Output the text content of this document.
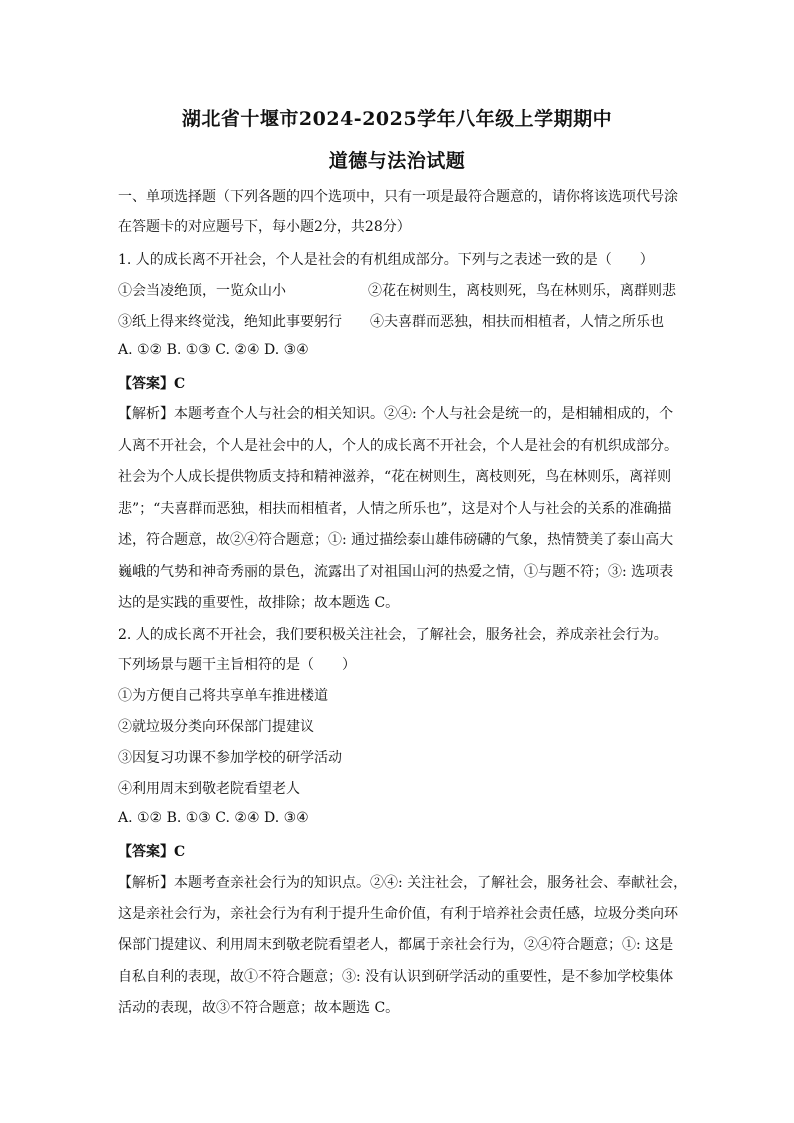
湖北省十堰市2024-2025学年八年级上学期期中
道德与法治试题
一、单项选择题（下列各题的四个选项中，只有一项是最符合题意的，请你将该选项代号涂
在答题卡的对应题号下，每小题2分，共28分）
1. 人的成长离不开社会，个人是社会的有机组成部分。下列与之表述一致的是（　　）
①会当凌绝顶，一览众山小	②花在树则生，离枝则死，鸟在林则乐，离群则悲
③纸上得来终觉浅，绝知此事要躬行 ④夫喜群而恶独，相扶而相植者，人情之所乐也
A. ①② B. ①③ C. ②④ D. ③④
【答案】C
【解析】本题考查个人与社会的相关知识。②④: 个人与社会是统一的，是相辅相成的，个
人离不开社会，个人是社会中的人，个人的成长离不开社会，个人是社会的有机织成部分。
社会为个人成长提供物质支持和精神滋养，“花在树则生，离枝则死，鸟在林则乐，离祥则
悲”；“夫喜群而恶独，相扶而相植者，人情之所乐也”，这是对个人与社会的关系的准确描
述，符合题意，故②④符合题意；①: 通过描绘泰山雄伟磅礴的气象，热情赞美了泰山高大
巍峨的气势和神奇秀丽的景色，流露出了对祖国山河的热爱之情，①与题不符；③: 选项表
达的是实践的重要性，故排除；故本题选 C。
2. 人的成长离不开社会，我们要积极关注社会，了解社会，服务社会，养成亲社会行为。
下列场景与题干主旨相符的是（　　）
①为方便自己将共享单车推进楼道
②就垃圾分类向环保部门提建议
③因复习功课不参加学校的研学活动
④利用周末到敬老院看望老人
A. ①② B. ①③ C. ②④ D. ③④
【答案】C
【解析】本题考查亲社会行为的知识点。②④: 关注社会，了解社会，服务社会、奉献社会，
这是亲社会行为，亲社会行为有利于提升生命价值，有利于培养社会责任感，垃圾分类向环
保部门提建议、利用周末到敬老院看望老人，都属于亲社会行为，②④符合题意；①: 这是
自私自利的表现，故①不符合题意；③: 没有认识到研学活动的重要性，是不参加学校集体
活动的表现，故③不符合题意；故本题选 C。
